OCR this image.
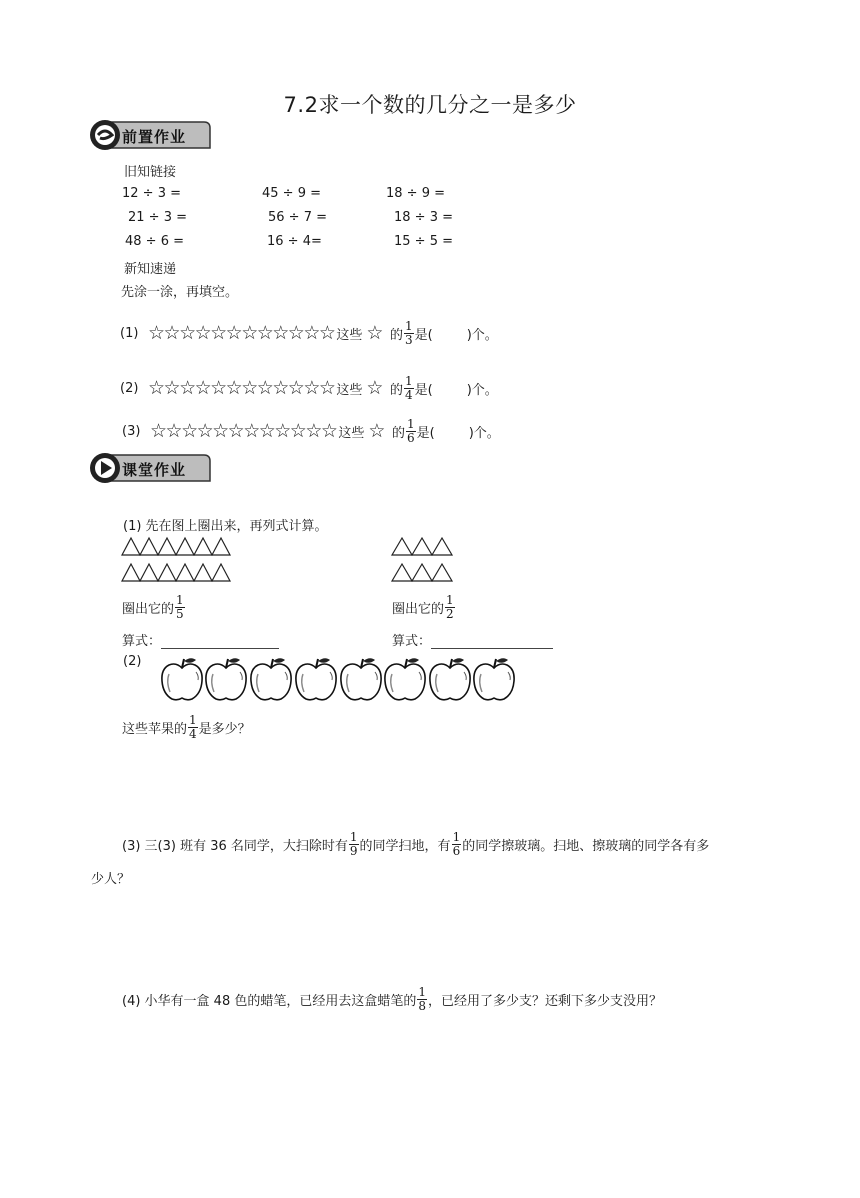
7.2求一个数的几分之一是多少
前置作业
旧知链接
12 ÷ 3 =	45 ÷ 9 =	18 ÷ 9 =
21 ÷ 3 =	56 ÷ 7 =	18 ÷ 3 =
48 ÷ 6 =	16 ÷ 4=	15 ÷ 5 =
新知速递
先涂一涂，再填空。
(1) ☆☆☆☆☆☆☆☆☆☆☆☆ 这些 ☆ 的 $\frac{1}{3}$ 是(	)个。
(2) ☆☆☆☆☆☆☆☆☆☆☆☆ 这些 ☆ 的 $\frac{1}{4}$ 是(	)个。
(3) ☆☆☆☆☆☆☆☆☆☆☆☆ 这些 ☆ 的 $\frac{1}{6}$ 是(	)个。
课堂作业
(1) 先在图上圈出来，再列式计算。
圈出它的 $\frac{1}{5}$	圈出它的 $\frac{1}{2}$
算式：	算式：
(2)
这些苹果的 $\frac{1}{4}$ 是多少？
(3) 三(3) 班有 36 名同学，大扫除时有 $\frac{1}{9}$ 的同学扫地，有 $\frac{1}{6}$ 的同学擦玻璃。扫地、擦玻璃的同学各有多
少人？
(4) 小华有一盒 48 色的蜡笔，已经用去这盒蜡笔的 $\frac{1}{8}$ ，已经用了多少支？还剩下多少支没用？
